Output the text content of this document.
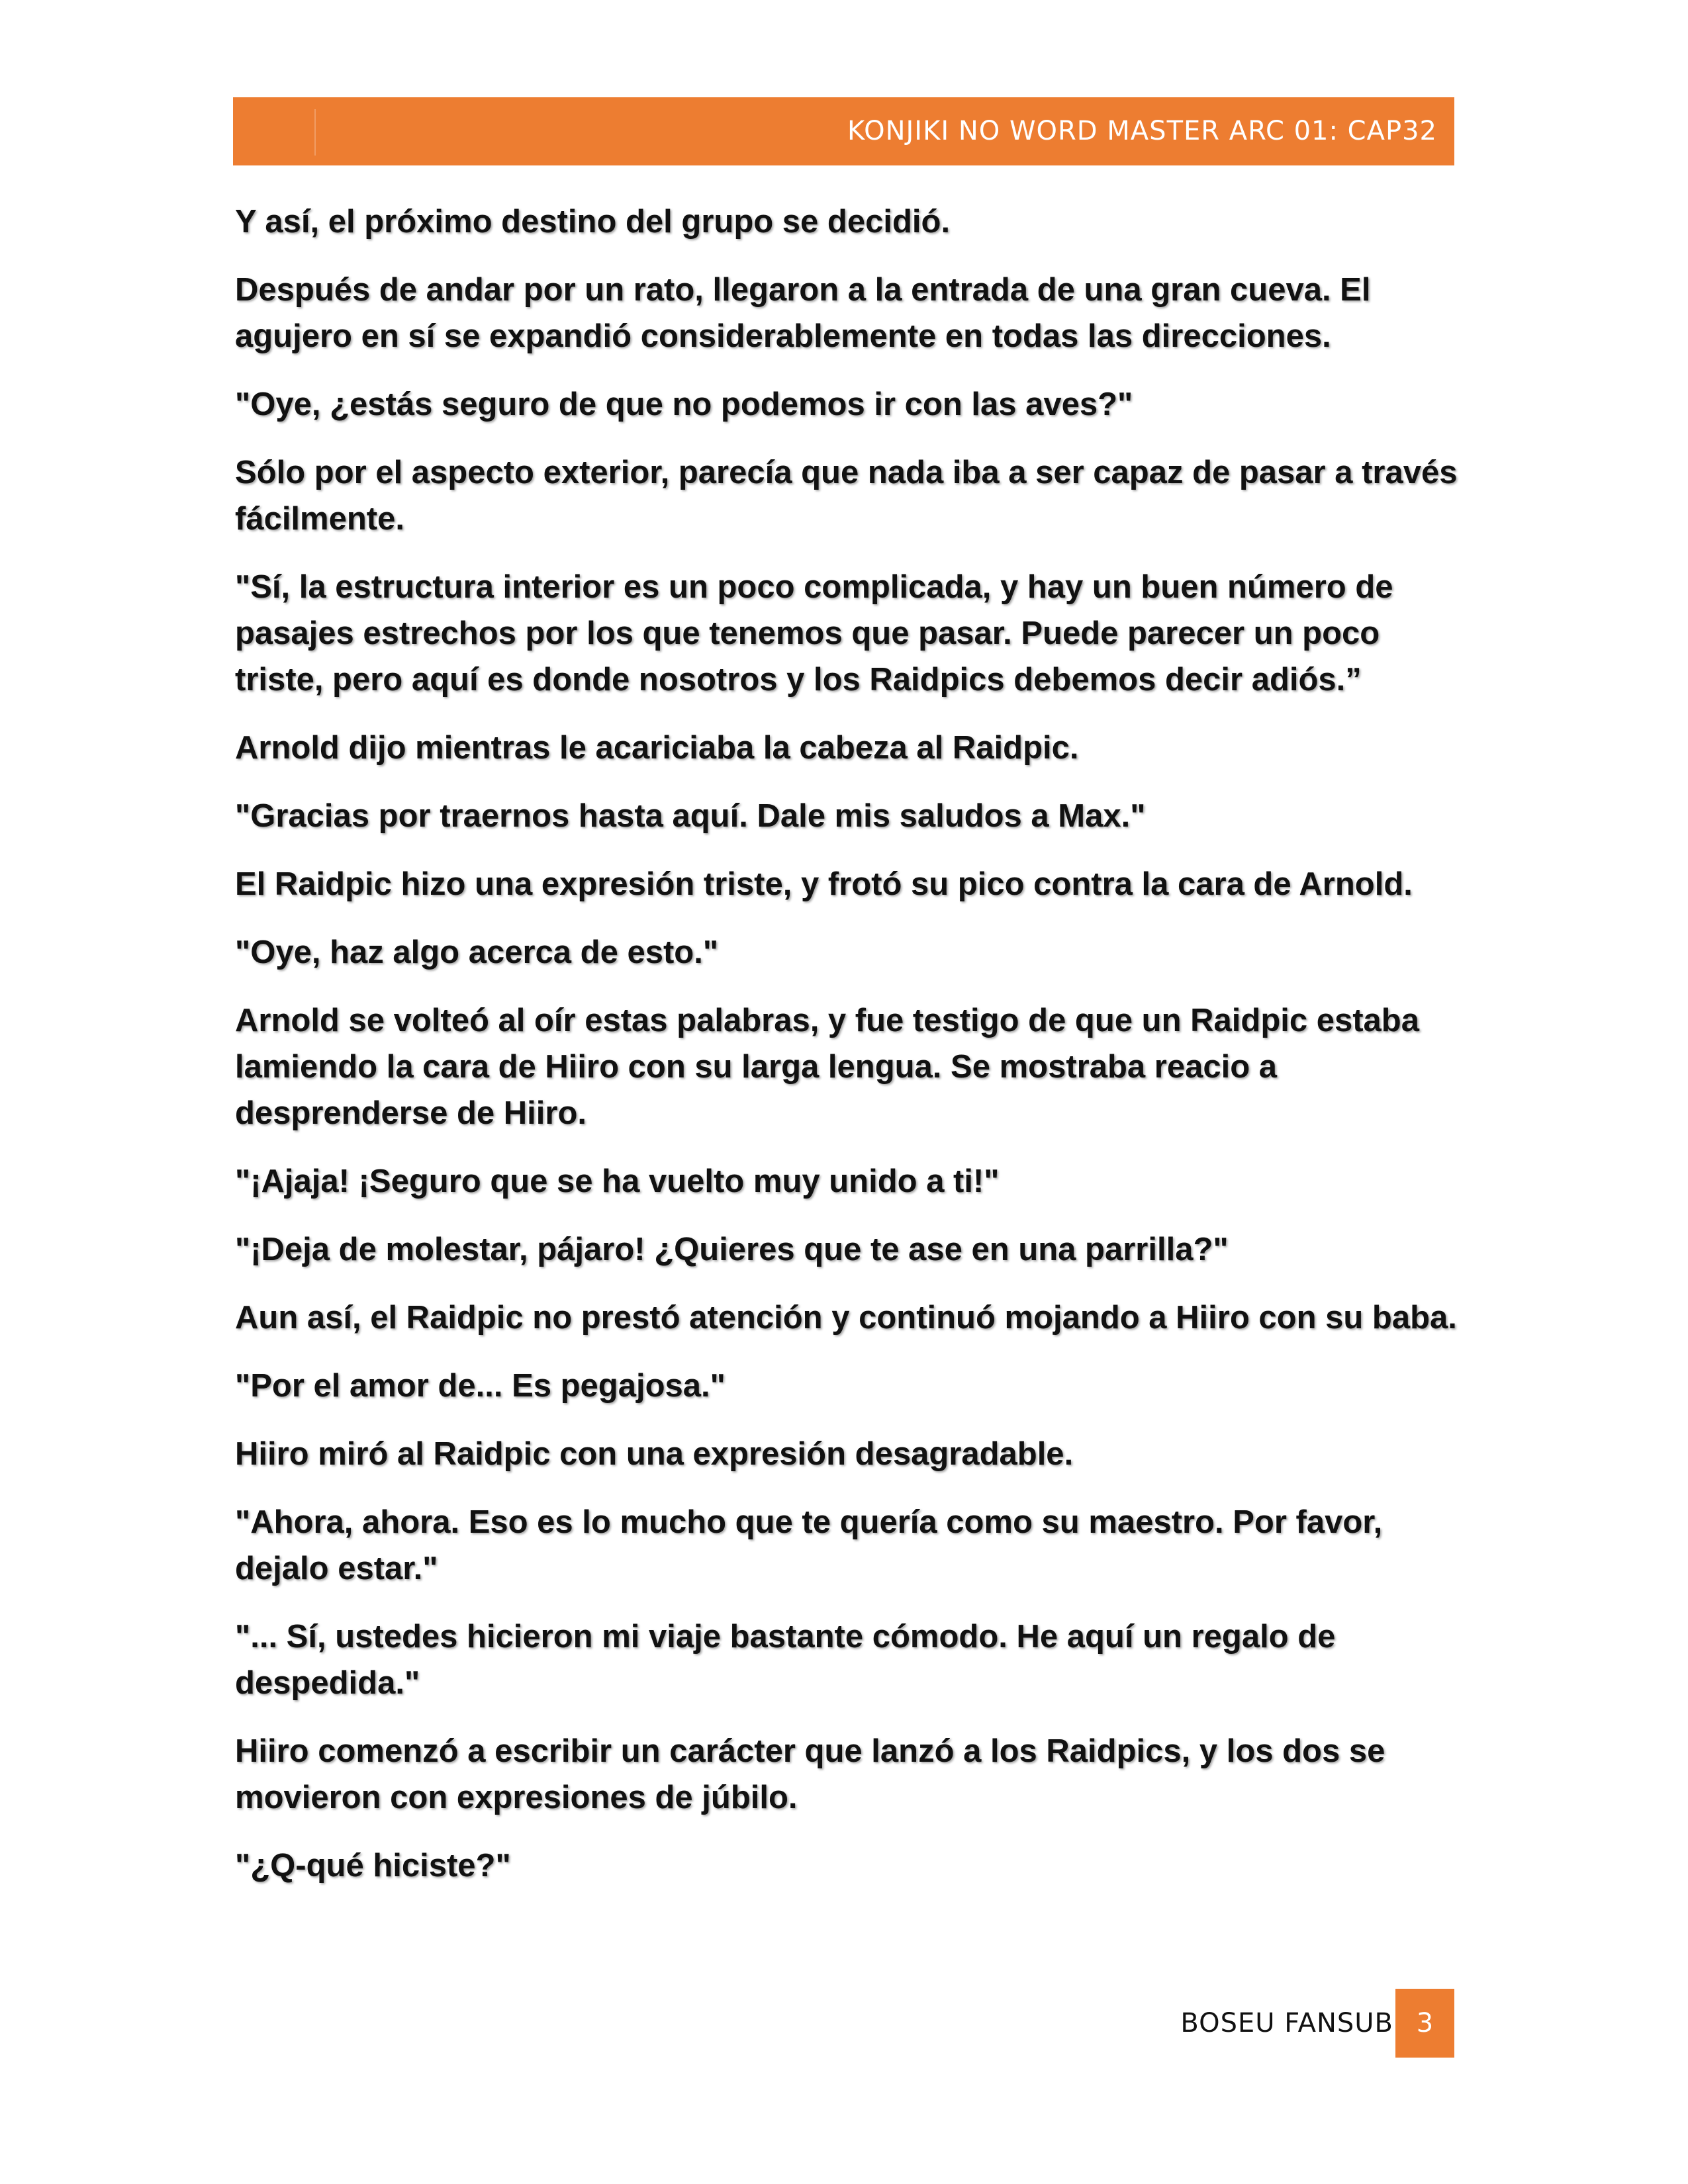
KONJIKI NO WORD MASTER ARC 01: CAP32

Y así, el próximo destino del grupo se decidió.

Después de andar por un rato, llegaron a la entrada de una gran cueva. El agujero en sí se expandió considerablemente en todas las direcciones.

"Oye, ¿estás seguro de que no podemos ir con las aves?"

Sólo por el aspecto exterior, parecía que nada iba a ser capaz de pasar a través fácilmente.

"Sí, la estructura interior es un poco complicada, y hay un buen número de pasajes estrechos por los que tenemos que pasar. Puede parecer un poco triste, pero aquí es donde nosotros y los Raidpics debemos decir adiós.”

Arnold dijo mientras le acariciaba la cabeza al Raidpic.

"Gracias por traernos hasta aquí. Dale mis saludos a Max."

El Raidpic hizo una expresión triste, y frotó su pico contra la cara de Arnold.

"Oye, haz algo acerca de esto."

Arnold se volteó al oír estas palabras, y fue testigo de que un Raidpic estaba lamiendo la cara de Hiiro con su larga lengua. Se mostraba reacio a desprenderse de Hiiro.

"¡Ajaja! ¡Seguro que se ha vuelto muy unido a ti!"

"¡Deja de molestar, pájaro! ¿Quieres que te ase en una parrilla?"

Aun así, el Raidpic no prestó atención y continuó mojando a Hiiro con su baba.

"Por el amor de... Es pegajosa."

Hiiro miró al Raidpic con una expresión desagradable.

"Ahora, ahora. Eso es lo mucho que te quería como su maestro. Por favor, dejalo estar."

"... Sí, ustedes hicieron mi viaje bastante cómodo. He aquí un regalo de despedida."

Hiiro comenzó a escribir un carácter que lanzó a los Raidpics, y los dos se movieron con expresiones de júbilo.

"¿Q-qué hiciste?"

BOSEU FANSUB 3
